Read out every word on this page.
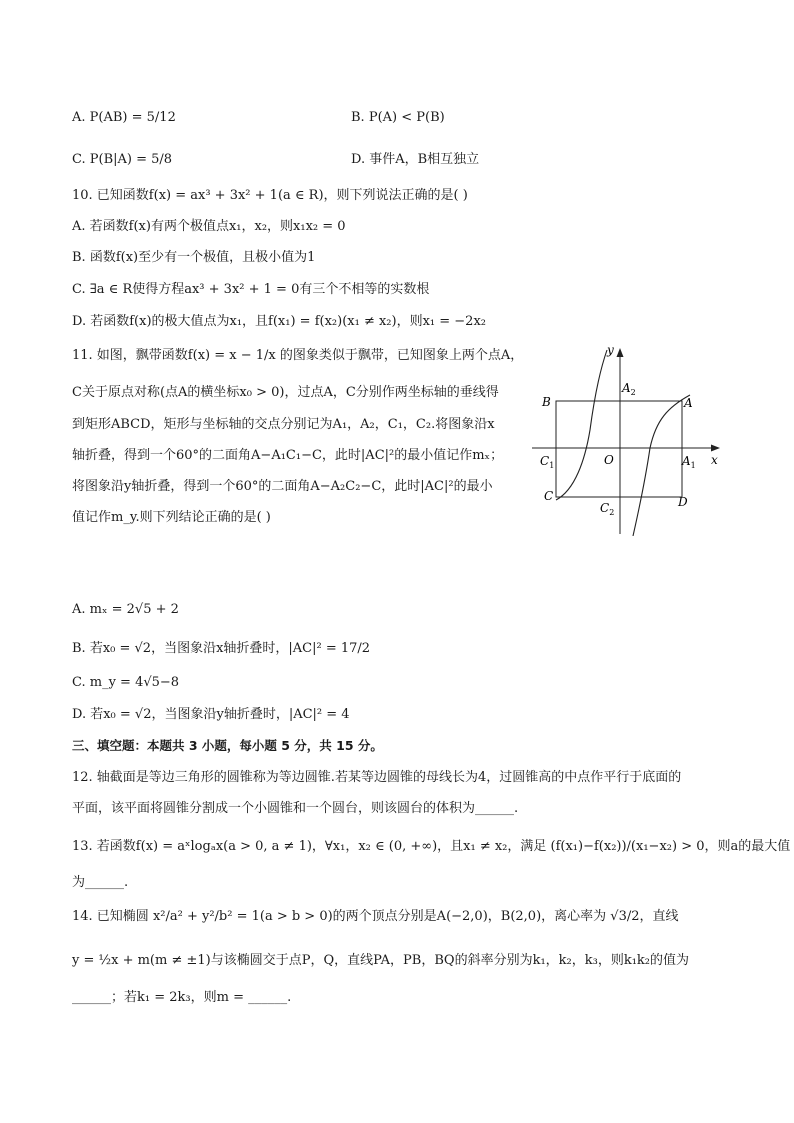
A. P(AB) = 5/12	B. P(A) < P(B)
C. P(B|A) = 5/8	D. 事件A，B相互独立
10. 已知函数f(x) = ax³ + 3x² + 1(a ∈ R)，则下列说法正确的是( )
A. 若函数f(x)有两个极值点x₁，x₂，则x₁x₂ = 0
B. 函数f(x)至少有一个极值，且极小值为1
C. ∃a ∈ R使得方程ax³ + 3x² + 1 = 0有三个不相等的实数根
D. 若函数f(x)的极大值点为x₁，且f(x₁) = f(x₂)(x₁ ≠ x₂)，则x₁ = −2x₂
11. 如图，飘带函数f(x) = x − 1/x 的图象类似于飘带，已知图象上两个点A，
C关于原点对称(点A的横坐标x₀ > 0)，过点A，C分别作两坐标轴的垂线得
到矩形ABCD，矩形与坐标轴的交点分别记为A₁，A₂，C₁，C₂.将图象沿x
轴折叠，得到一个60°的二面角A−A₁C₁−C，此时|AC|²的最小值记作mₓ；
将图象沿y轴折叠，得到一个60°的二面角A−A₂C₂−C，此时|AC|²的最小
值记作m_y.则下列结论正确的是( )
y
x
O
A
B
C	D
$A_1$
$A_2$
$C_1$
$C_2$
A. mₓ = 2√5 + 2
B. 若x₀ = √2，当图象沿x轴折叠时，|AC|² = 17/2
C. m_y = 4√5−8
D. 若x₀ = √2，当图象沿y轴折叠时，|AC|² = 4
三、填空题：本题共 3 小题，每小题 5 分，共 15 分。
12. 轴截面是等边三角形的圆锥称为等边圆锥.若某等边圆锥的母线长为4，过圆锥高的中点作平行于底面的
平面，该平面将圆锥分割成一个小圆锥和一个圆台，则该圆台的体积为______.
13. 若函数f(x) = aˣlogₐx(a > 0, a ≠ 1)，∀x₁，x₂ ∈ (0, +∞)，且x₁ ≠ x₂，满足 (f(x₁)−f(x₂))/(x₁−x₂) > 0，则a的最大值
为______.
14. 已知椭圆 x²/a² + y²/b² = 1(a > b > 0)的两个顶点分别是A(−2,0)，B(2,0)，离心率为 √3/2，直线
y = ½x + m(m ≠ ±1)与该椭圆交于点P，Q，直线PA，PB，BQ的斜率分别为k₁，k₂，k₃，则k₁k₂的值为
______；若k₁ = 2k₃，则m = ______.
